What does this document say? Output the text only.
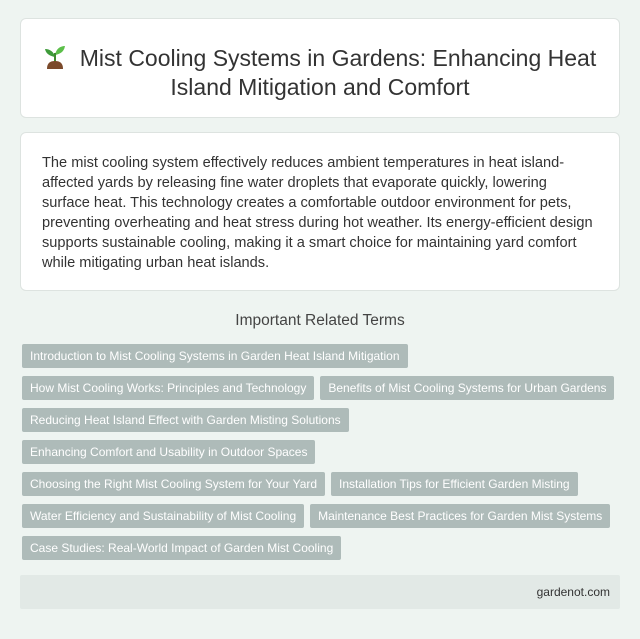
Mist Cooling Systems in Gardens: Enhancing Heat Island Mitigation and Comfort
The mist cooling system effectively reduces ambient temperatures in heat island-affected yards by releasing fine water droplets that evaporate quickly, lowering surface heat. This technology creates a comfortable outdoor environment for pets, preventing overheating and heat stress during hot weather. Its energy-efficient design supports sustainable cooling, making it a smart choice for maintaining yard comfort while mitigating urban heat islands.
Important Related Terms
Introduction to Mist Cooling Systems in Garden Heat Island Mitigation
How Mist Cooling Works: Principles and Technology	Benefits of Mist Cooling Systems for Urban Gardens
Reducing Heat Island Effect with Garden Misting Solutions
Enhancing Comfort and Usability in Outdoor Spaces
Choosing the Right Mist Cooling System for Your Yard	Installation Tips for Efficient Garden Misting
Water Efficiency and Sustainability of Mist Cooling	Maintenance Best Practices for Garden Mist Systems
Case Studies: Real-World Impact of Garden Mist Cooling
gardenot.com
